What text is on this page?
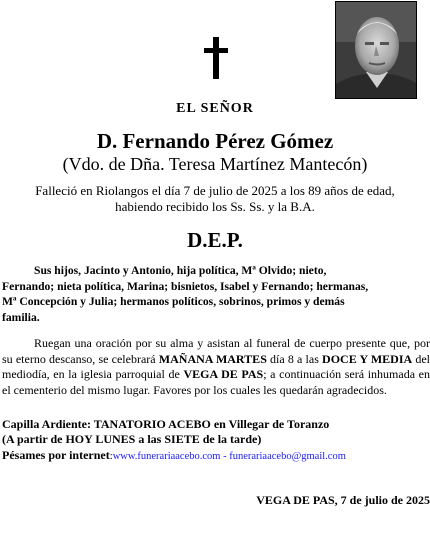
EL SEÑOR
D. Fernando Pérez Gómez
(Vdo. de Dña. Teresa Martínez Mantecón)
Falleció en Riolangos el día 7 de julio de 2025 a los 89 años de edad,
habiendo recibido los Ss. Ss. y la B.A.
D.E.P.
Sus hijos, Jacinto y Antonio, hija política, Mª Olvido; nieto,
Fernando; nieta política, Marina; bisnietos, Isabel y Fernando; hermanas,
Mª Concepción y Julia; hermanos políticos, sobrinos, primos y demás
familia.
Ruegan una oración por su alma y asistan al funeral de cuerpo presente que, por su eterno descanso, se celebrará MAÑANA MARTES día 8 a las DOCE Y MEDIA del mediodía, en la iglesia parroquial de VEGA DE PAS; a continuación será inhumada en el cementerio del mismo lugar. Favores por los cuales les quedarán agradecidos.
Capilla Ardiente: TANATORIO ACEBO en Villegar de Toranzo
(A partir de HOY LUNES a las SIETE de la tarde)
Pésames por internet:www.funerariaacebo.com - funerariaacebo@gmail.com
VEGA DE PAS, 7 de julio de 2025
